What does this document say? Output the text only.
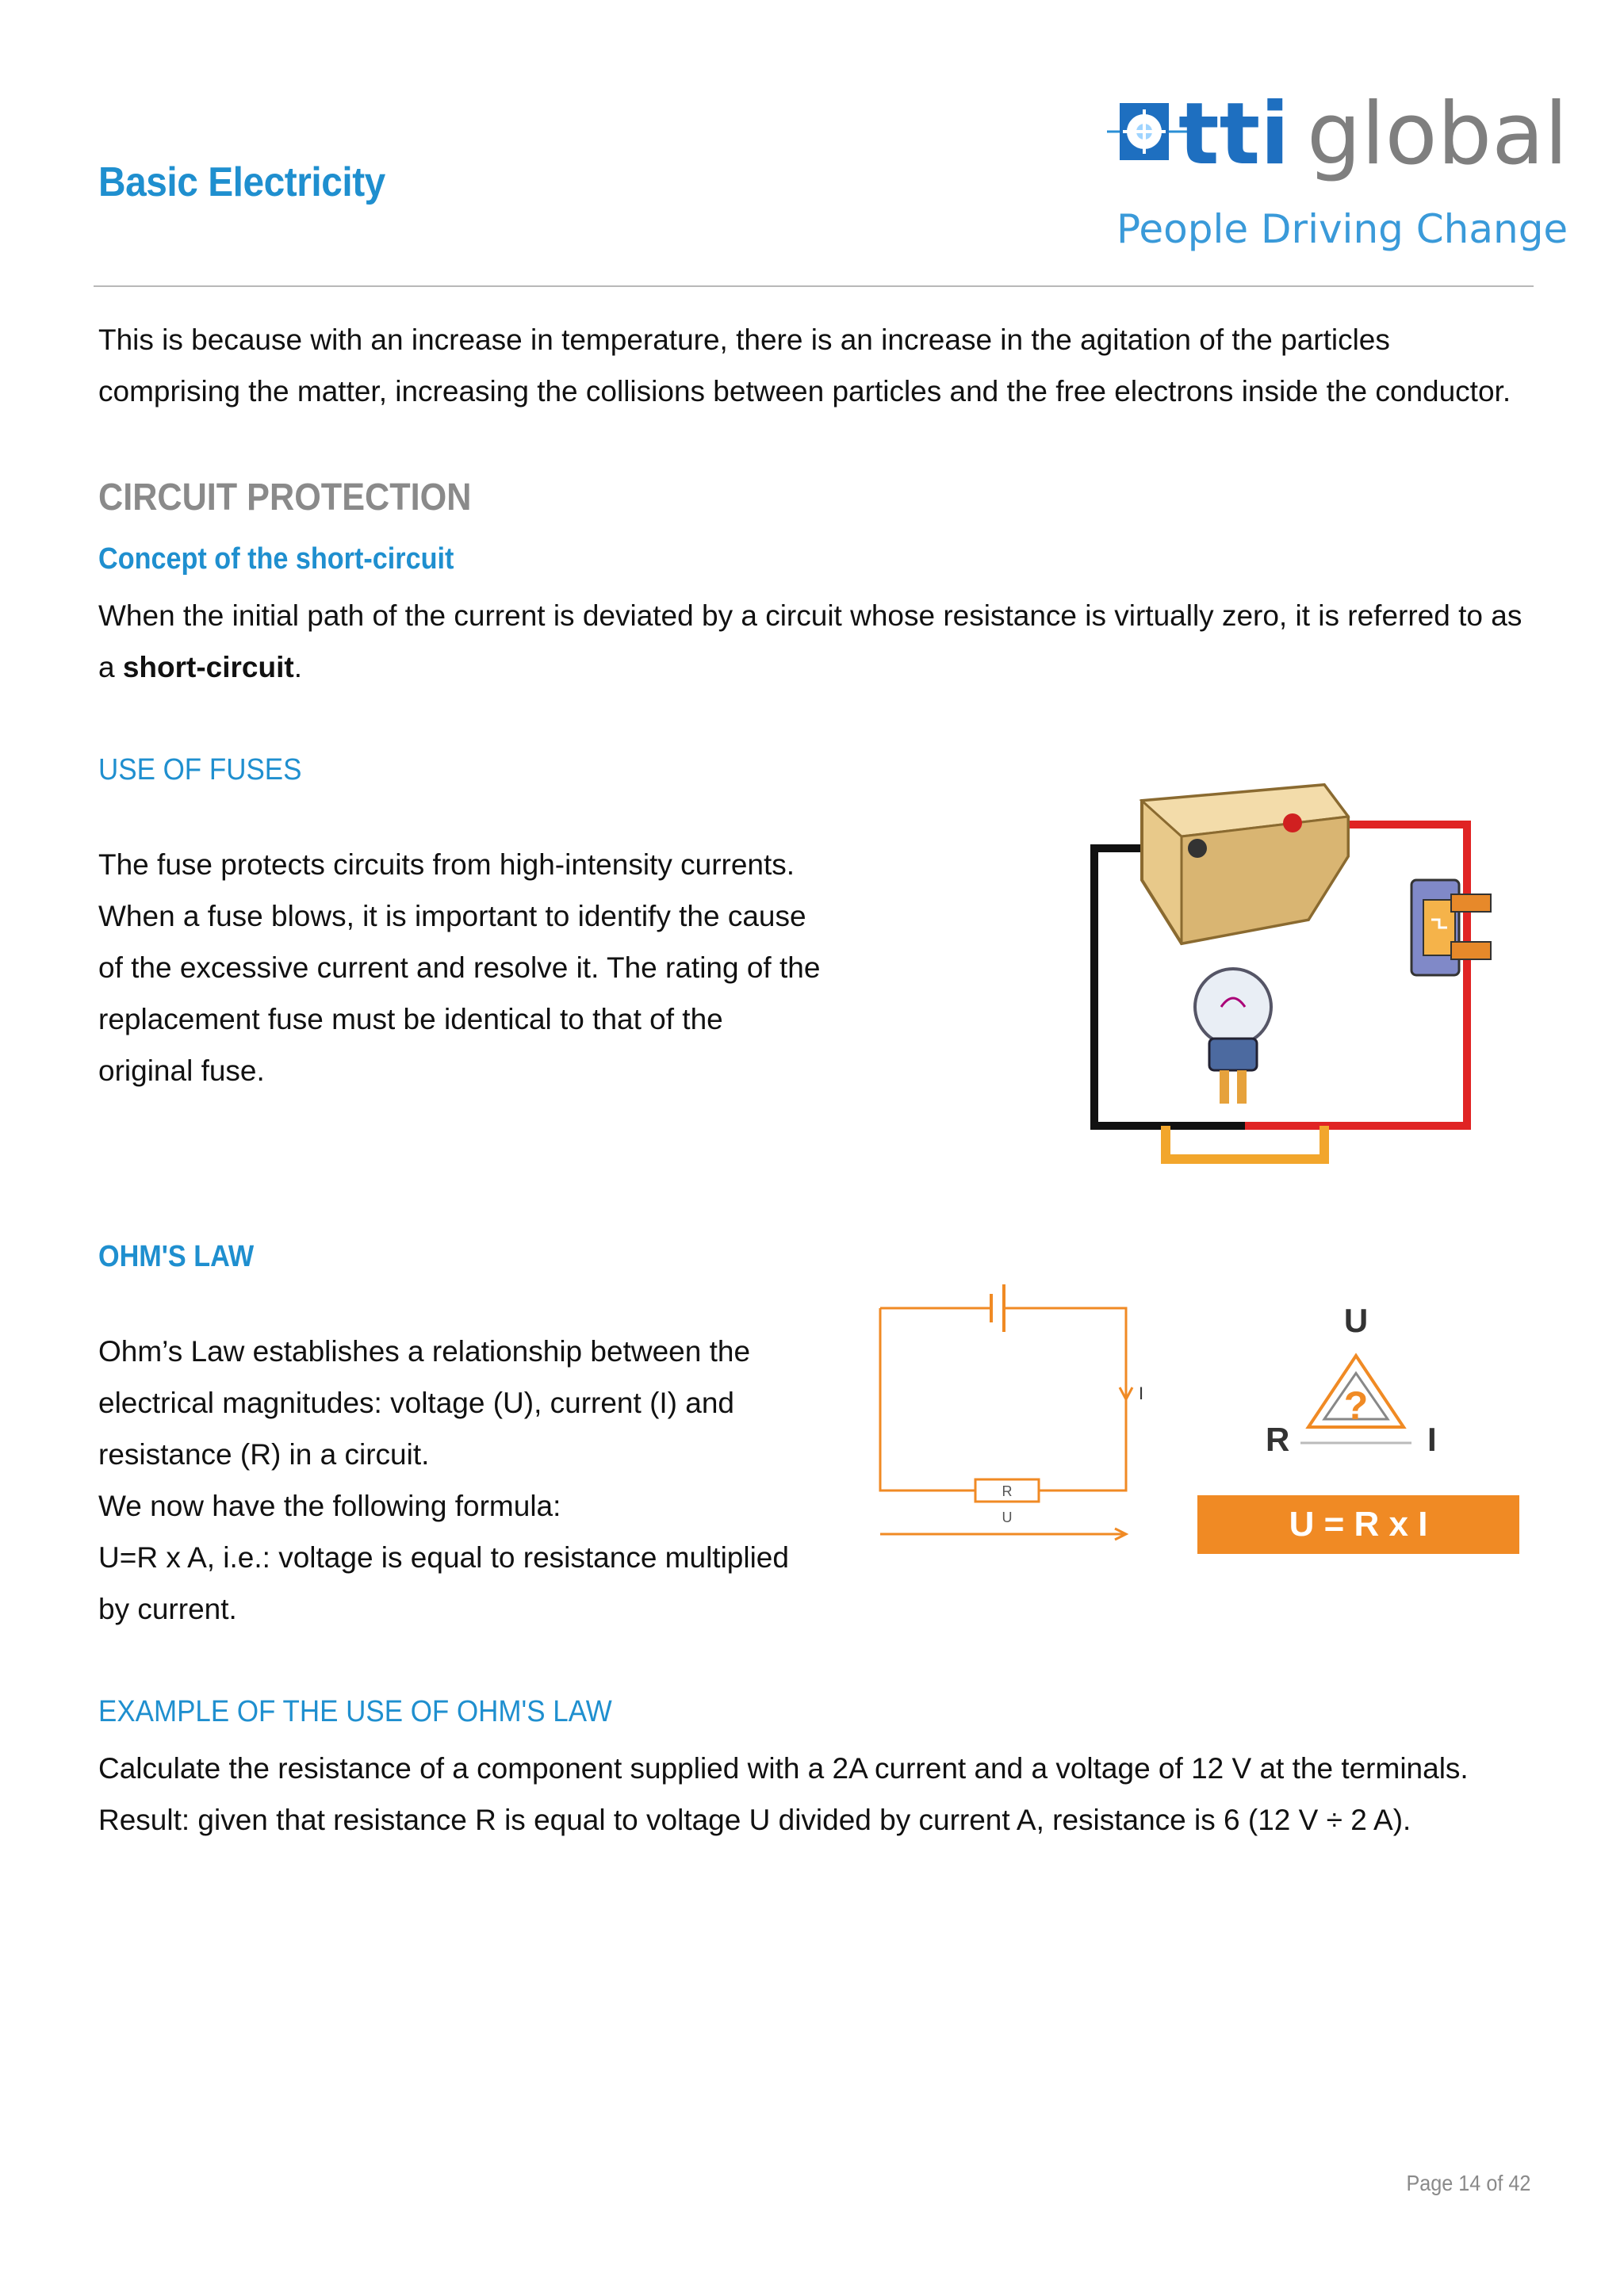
Basic Electricity	tti global
People Driving Change

This is because with an increase in temperature, there is an increase in the agitation of the particles comprising the matter, increasing the collisions between particles and the free electrons inside the conductor.

CIRCUIT PROTECTION
Concept of the short-circuit
When the initial path of the current is deviated by a circuit whose resistance is virtually zero, it is referred to as a short-circuit.
USE OF FUSES

The fuse protects circuits from high-intensity currents.

When a fuse blows, it is important to identify the cause

of the excessive current and resolve it. The rating of the

replacement fuse must be identical to that of the

original fuse.

OHM'S LAW

Ohm’s Law establishes a relationship between the

electrical magnitudes: voltage (U), current (I) and

resistance (R) in a circuit.

We now have the following formula:

U=R x A, i.e.: voltage is equal to resistance multiplied

by current.

I
R
U
U
?
R	I
U = R x I
EXAMPLE OF THE USE OF OHM'S LAW

Calculate the resistance of a component supplied with a 2A current and a voltage of 12 V at the terminals.

Result: given that resistance R is equal to voltage U divided by current A, resistance is 6 (12 V ÷ 2 A).

Page 14 of 42
